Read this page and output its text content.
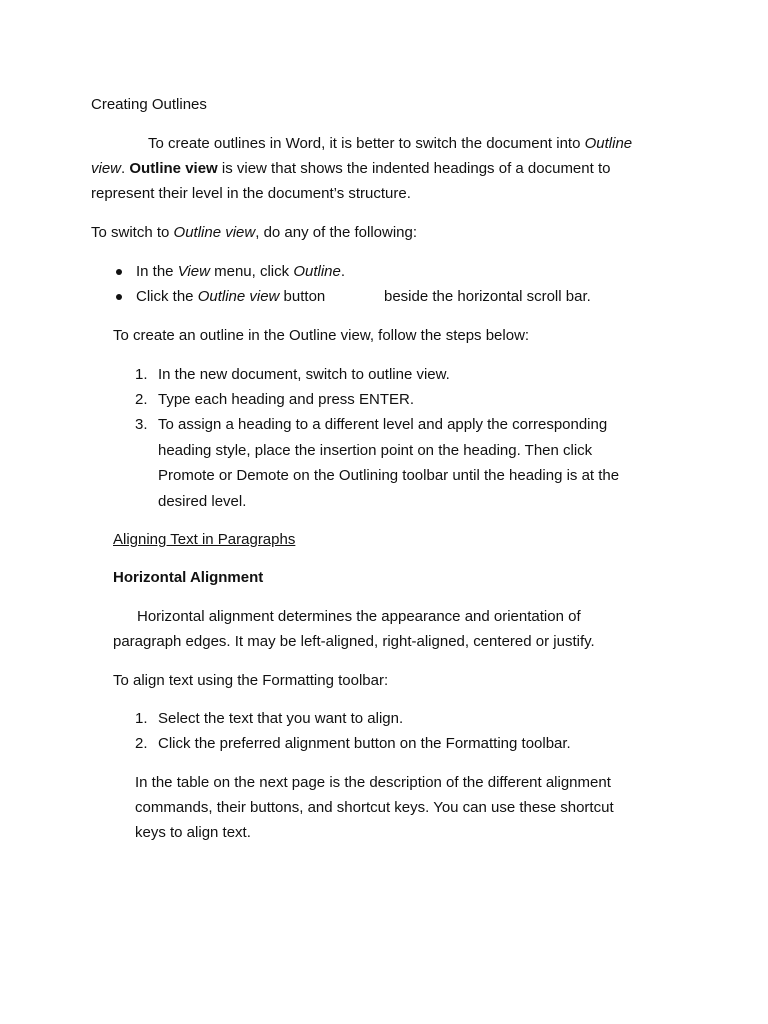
Creating Outlines
To create outlines in Word, it is better to switch the document into Outline
view. Outline view is view that shows the indented headings of a document to
represent their level in the document’s structure.
To switch to Outline view, do any of the following:
In the View menu, click Outline.
Click the Outline view button	beside the horizontal scroll bar.
To create an outline in the Outline view, follow the steps below:
1. In the new document, switch to outline view.
2. Type each heading and press ENTER.
3. To assign a heading to a different level and apply the corresponding
heading style, place the insertion point on the heading. Then click
Promote or Demote on the Outlining toolbar until the heading is at the
desired level.
Aligning Text in Paragraphs
Horizontal Alignment
Horizontal alignment determines the appearance and orientation of
paragraph edges. It may be left-aligned, right-aligned, centered or justify.
To align text using the Formatting toolbar:
1. Select the text that you want to align.
2. Click the preferred alignment button on the Formatting toolbar.
In the table on the next page is the description of the different alignment
commands, their buttons, and shortcut keys. You can use these shortcut
keys to align text.
